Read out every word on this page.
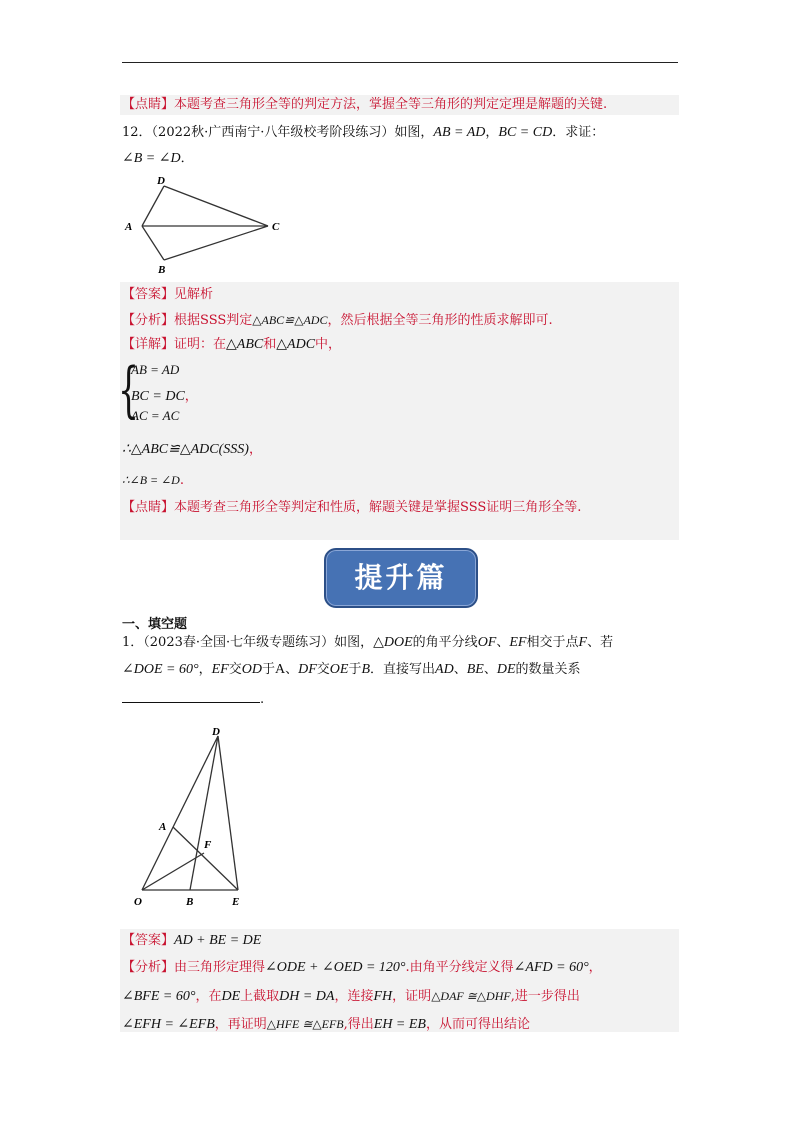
【点睛】本题考查三角形全等的判定方法，掌握全等三角形的判定定理是解题的关键.
12．（2022秋·广西南宁·八年级校考阶段练习）如图，AB = AD，BC = CD．求证：
∠B = ∠D．
D
A	C
B
【答案】见解析
【分析】根据SSS判定△ABC≌△ADC，然后根据全等三角形的性质求解即可.
【详解】证明：在△ABC和△ADC中，
{
AB = AD
BC = DC，
AC = AC
∴△ABC≌△ADC(SSS)，
∴∠B = ∠D.
【点睛】本题考查三角形全等判定和性质，解题关键是掌握SSS证明三角形全等.
提升篇
一、填空题
1．（2023春·全国·七年级专题练习）如图，△DOE的角平分线OF、EF相交于点F、若
∠DOE = 60°，EF交OD于A、DF交OE于B．直接写出AD、BE、DE的数量关系
.
D
A
F
O	B	E
【答案】AD + BE = DE
【分析】由三角形定理得∠ODE + ∠OED = 120°.由角平分线定义得∠AFD = 60°，
∠BFE = 60°，在DE上截取DH = DA，连接FH，证明△DAF ≅△DHF,进一步得出
∠EFH = ∠EFB，再证明△HFE ≅△EFB,得出EH = EB，从而可得出结论
